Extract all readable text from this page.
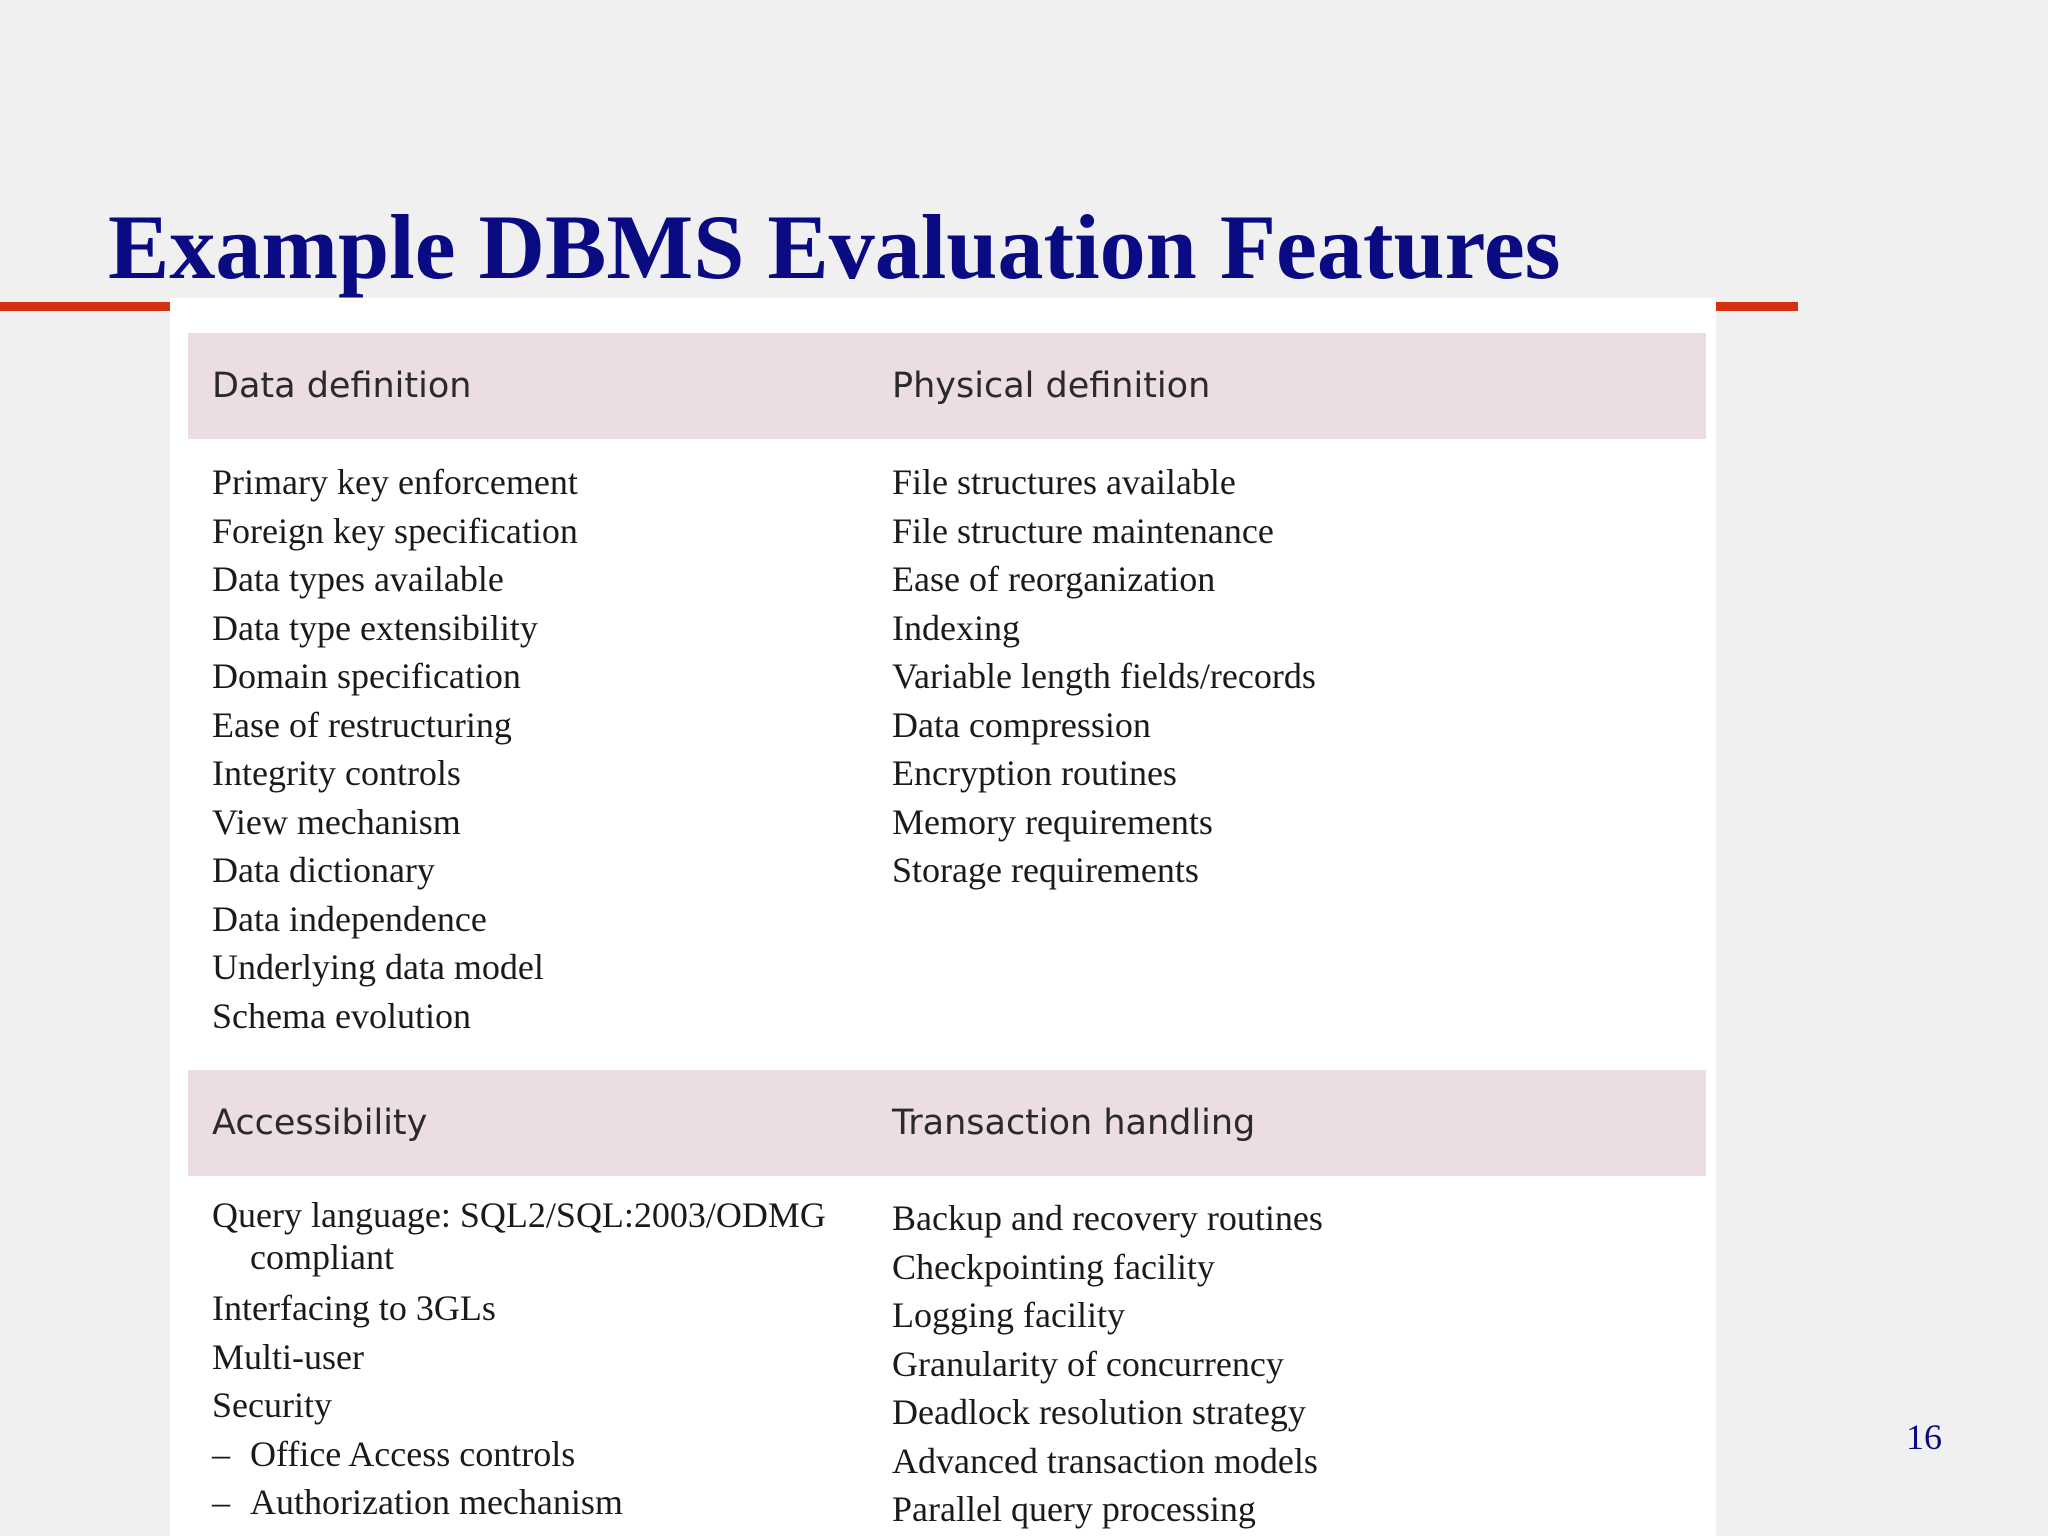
Example DBMS Evaluation Features
Data definition	Physical definition
Primary key enforcement
Foreign key specification
Data types available
Data type extensibility
Domain specification
Ease of restructuring
Integrity controls
View mechanism
Data dictionary
Data independence
Underlying data model
Schema evolution
File structures available
File structure maintenance
Ease of reorganization
Indexing
Variable length fields/records
Data compression
Encryption routines
Memory requirements
Storage requirements
Accessibility	Transaction handling
Query language: SQL2/SQL:2003/ODMG compliant
Interfacing to 3GLs
Multi-user
Security
– Office Access controls
– Authorization mechanism
Backup and recovery routines
Checkpointing facility
Logging facility
Granularity of concurrency
Deadlock resolution strategy
Advanced transaction models
Parallel query processing
16
